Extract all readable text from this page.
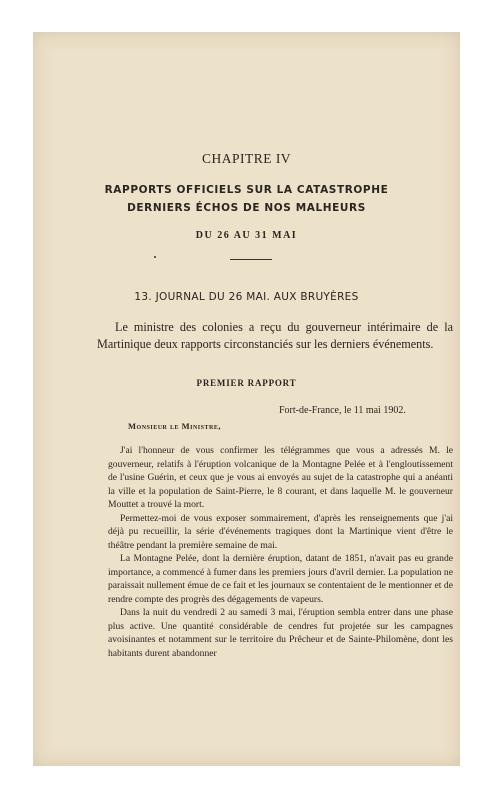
CHAPITRE IV
RAPPORTS OFFICIELS SUR LA CATASTROPHE
DERNIERS ÉCHOS DE NOS MALHEURS
DU 26 AU 31 MAI
13. JOURNAL DU 26 MAI. AUX BRUYÈRES
Le ministre des colonies a reçu du gouverneur intérimaire de la Martinique deux rapports circonstanciés sur les derniers événements.
PREMIER RAPPORT
Fort-de-France, le 11 mai 1902.
Monsieur le Ministre,

J'ai l'honneur de vous confirmer les télégrammes que vous a adressés M. le gouverneur, relatifs à l'éruption volcanique de la Montagne Pelée et à l'engloutissement de l'usine Guérin, et ceux que je vous ai envoyés au sujet de la catastrophe qui a anéanti la ville et la population de Saint-Pierre, le 8 courant, et dans laquelle M. le gouverneur Mouttet a trouvé la mort.

Permettez-moi de vous exposer sommairement, d'après les renseignements que j'ai déjà pu recueillir, la série d'événements tragiques dont la Martinique vient d'être le théâtre pendant la première semaine de mai.

La Montagne Pelée, dont la dernière éruption, datant de 1851, n'avait pas eu grande importance, a commencé à fumer dans les premiers jours d'avril dernier. La population ne paraissait nullement émue de ce fait et les journaux se contentaient de le mentionner et de rendre compte des progrès des dégagements de vapeurs.

Dans la nuit du vendredi 2 au samedi 3 mai, l'éruption sembla entrer dans une phase plus active. Une quantité considérable de cendres fut projetée sur les campagnes avoisinantes et notamment sur le territoire du Prêcheur et de Sainte-Philomène, dont les habitants durent abandonner
